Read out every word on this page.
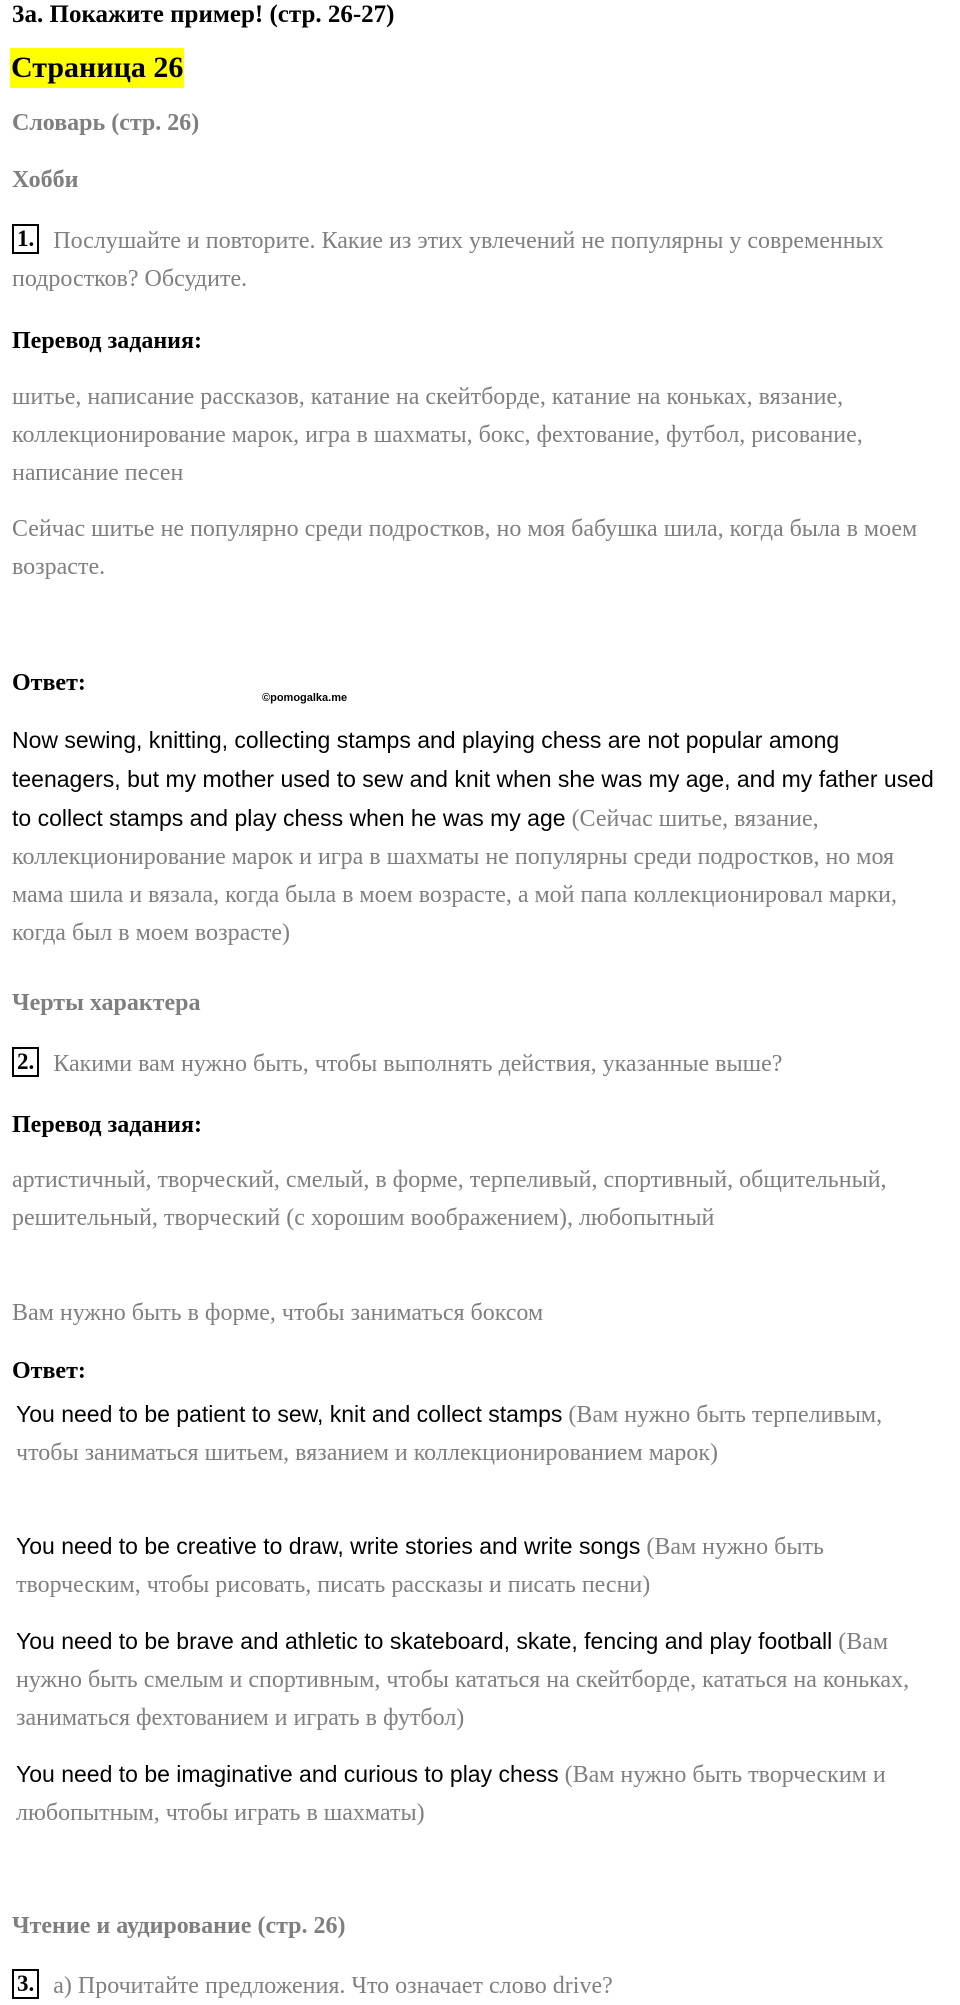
3a. Покажите пример! (стр. 26-27)
Страница 26
Словарь (стр. 26)
Хобби
1. Послушайте и повторите. Какие из этих увлечений не популярны у современных подростков? Обсудите.
Перевод задания:
шитье, написание рассказов, катание на скейтборде, катание на коньках, вязание, коллекционирование марок, игра в шахматы, бокс, фехтование, футбол, рисование, написание песен
Сейчас шитье не популярно среди подростков, но моя бабушка шила, когда была в моем возрасте.
Ответ:
©pomogalka.me
Now sewing, knitting, collecting stamps and playing chess are not popular among teenagers, but my mother used to sew and knit when she was my age, and my father used to collect stamps and play chess when he was my age (Сейчас шитье, вязание, коллекционирование марок и игра в шахматы не популярны среди подростков, но моя мама шила и вязала, когда была в моем возрасте, а мой папа коллекционировал марки, когда был в моем возрасте)
Черты характера
2. Какими вам нужно быть, чтобы выполнять действия, указанные выше?
Перевод задания:
артистичный, творческий, смелый, в форме, терпеливый, спортивный, общительный, решительный, творческий (с хорошим воображением), любопытный
Вам нужно быть в форме, чтобы заниматься боксом
Ответ:
You need to be patient to sew, knit and collect stamps (Вам нужно быть терпеливым, чтобы заниматься шитьем, вязанием и коллекционированием марок)
You need to be creative to draw, write stories and write songs (Вам нужно быть творческим, чтобы рисовать, писать рассказы и писать песни)
You need to be brave and athletic to skateboard, skate, fencing and play football (Вам нужно быть смелым и спортивным, чтобы кататься на скейтборде, кататься на коньках, заниматься фехтованием и играть в футбол)
You need to be imaginative and curious to play chess (Вам нужно быть творческим и любопытным, чтобы играть в шахматы)
Чтение и аудирование (стр. 26)
3. a) Прочитайте предложения. Что означает слово drive?
